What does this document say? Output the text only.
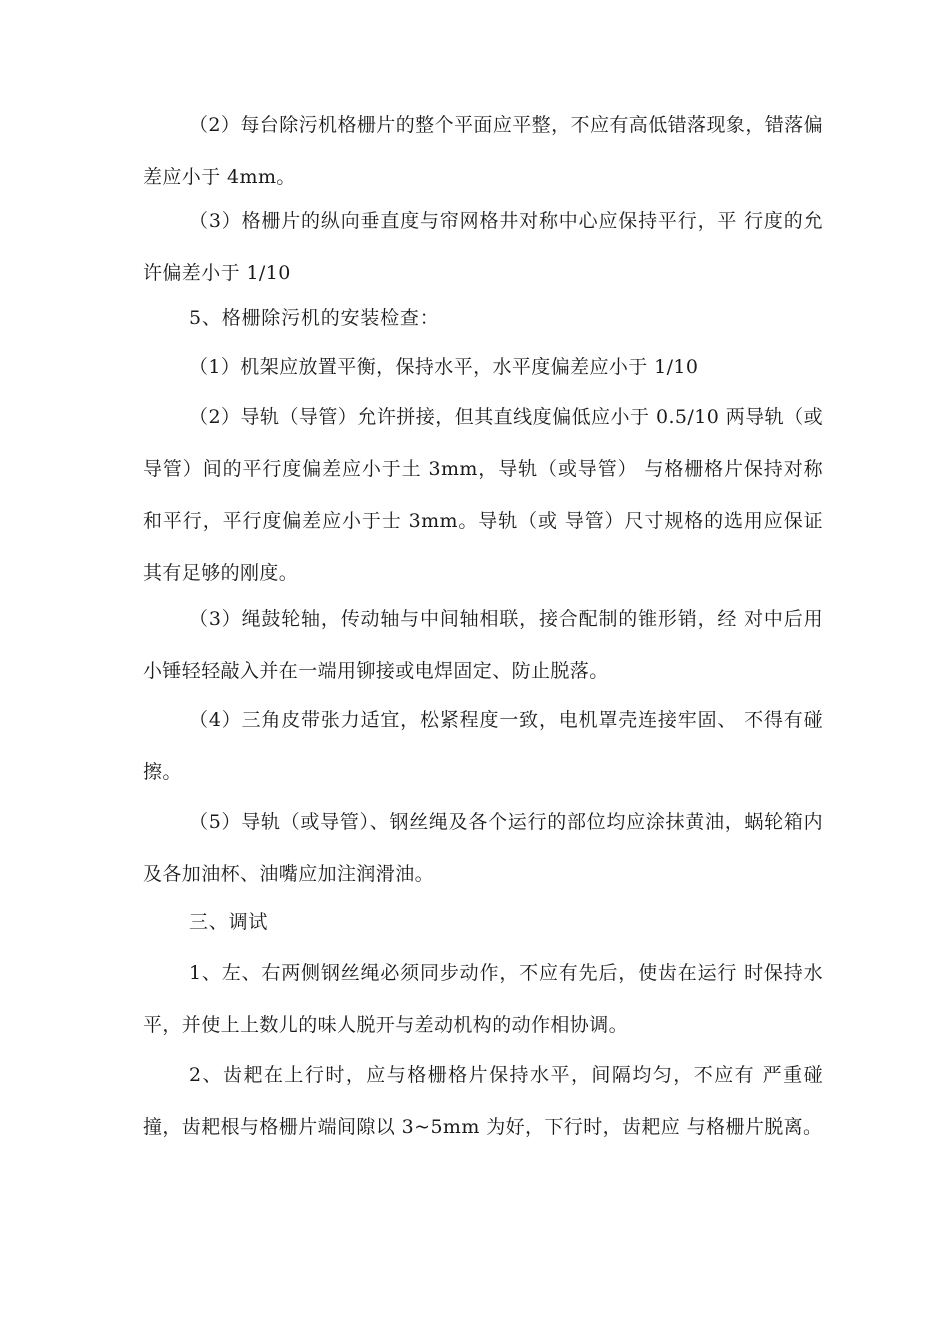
（2）每台除污机格栅片的整个平面应平整，不应有高低错落现象，错落偏差应小于 4mm。

（3）格栅片的纵向垂直度与帘网格井对称中心应保持平行，平 行度的允许偏差小于 1/10

5、格栅除污机的安装检查：

（1）机架应放置平衡，保持水平，水平度偏差应小于 1/10

（2）导轨（导管）允许拼接，但其直线度偏低应小于 0.5/10 两导轨（或导管）间的平行度偏差应小于土 3mm，导轨（或导管） 与格栅格片保持对称和平行，平行度偏差应小于士 3mm。导轨（或 导管）尺寸规格的选用应保证其有足够的刚度。

（3）绳鼓轮轴，传动轴与中间轴相联，接合配制的锥形销，经 对中后用小锤轻轻敲入并在一端用铆接或电焊固定、防止脱落。

（4）三角皮带张力适宜，松紧程度一致，电机罩壳连接牢固、 不得有碰擦。

（5）导轨（或导管）、钢丝绳及各个运行的部位均应涂抹黄油，蜗轮箱内及各加油杯、油嘴应加注润滑油。

三、调试

1、左、右两侧钢丝绳必须同步动作，不应有先后，使齿在运行 时保持水平，并使上上数儿的味人脱开与差动机构的动作相协调。

2、齿耙在上行时，应与格栅格片保持水平，间隔均匀，不应有 严重碰撞，齿耙根与格栅片端间隙以 3~5mm 为好，下行时，齿耙应 与格栅片脱离。
